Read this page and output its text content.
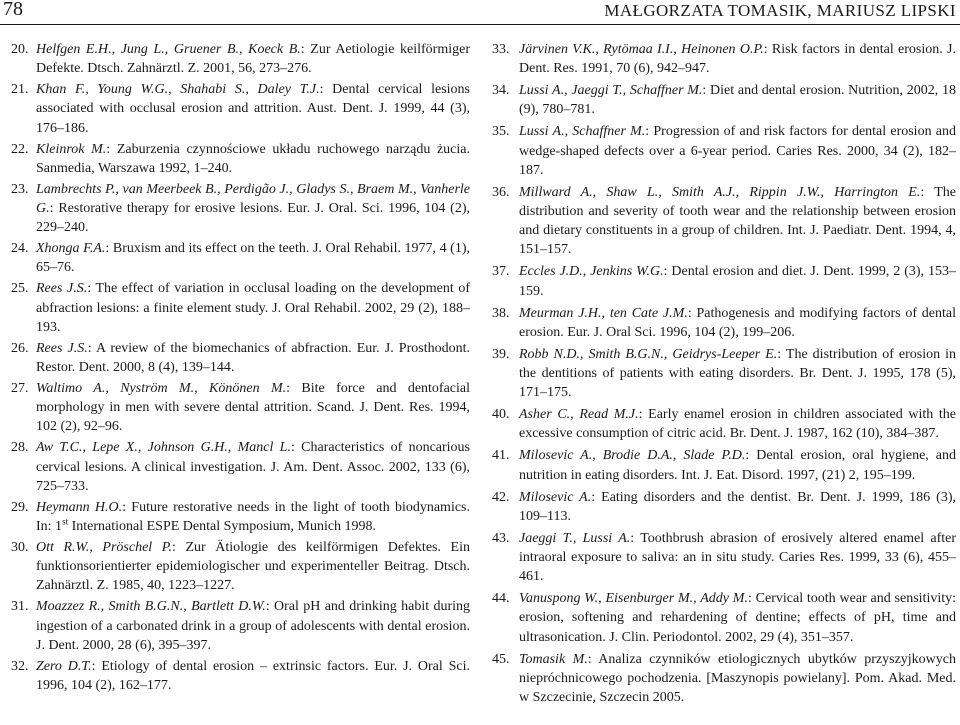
78	MAŁGORZATA TOMASIK, MARIUSZ LIPSKI

20. Helfgen E.H., Jung L., Gruener B., Koeck B.: Zur Aetiologie keilförmiger Defekte. Dtsch. Zahnärztl. Z. 2001, 56, 273–276.

21. Khan F., Young W.G., Shahabi S., Daley T.J.: Dental cervical lesions associated with occlusal erosion and attrition. Aust. Dent. J. 1999, 44 (3), 176–186.

22. Kleinrok M.: Zaburzenia czynnościowe układu ruchowego narządu żucia. Sanmedia, Warszawa 1992, 1–240.

23. Lambrechts P., van Meerbeek B., Perdigão J., Gladys S., Braem M., Vanherle G.: Restorative therapy for erosive lesions. Eur. J. Oral. Sci. 1996, 104 (2), 229–240.

24. Xhonga F.A.: Bruxism and its effect on the teeth. J. Oral Rehabil. 1977, 4 (1), 65–76.

25. Rees J.S.: The effect of variation in occlusal loading on the development of abfraction lesions: a finite element study. J. Oral Rehabil. 2002, 29 (2), 188–193.

26. Rees J.S.: A review of the biomechanics of abfraction. Eur. J. Prosthodont. Restor. Dent. 2000, 8 (4), 139–144.

27. Waltimo A., Nyström M., Könönen M.: Bite force and dentofacial morphology in men with severe dental attrition. Scand. J. Dent. Res. 1994, 102 (2), 92–96.

28. Aw T.C., Lepe X., Johnson G.H., Mancl L.: Characteristics of noncarious cervical lesions. A clinical investigation. J. Am. Dent. Assoc. 2002, 133 (6), 725–733.

29. Heymann H.O.: Future restorative needs in the light of tooth biodynamics. In: 1st International ESPE Dental Symposium, Munich 1998.

30. Ott R.W., Pröschel P.: Zur Ätiologie des keilförmigen Defektes. Ein funktionsorientierter epidemiologischer und experimenteller Beitrag. Dtsch. Zahnärztl. Z. 1985, 40, 1223–1227.

31. Moazzez R., Smith B.G.N., Bartlett D.W.: Oral pH and drinking habit during ingestion of a carbonated drink in a group of adolescents with dental erosion. J. Dent. 2000, 28 (6), 395–397.

32. Zero D.T.: Etiology of dental erosion – extrinsic factors. Eur. J. Oral Sci. 1996, 104 (2), 162–177.

33. Järvinen V.K., Rytömaa I.I., Heinonen O.P.: Risk factors in dental erosion. J. Dent. Res. 1991, 70 (6), 942–947.

34. Lussi A., Jaeggi T., Schaffner M.: Diet and dental erosion. Nutrition, 2002, 18 (9), 780–781.

35. Lussi A., Schaffner M.: Progression of and risk factors for dental erosion and wedge-shaped defects over a 6-year period. Caries Res. 2000, 34 (2), 182–187.

36. Millward A., Shaw L., Smith A.J., Rippin J.W., Harrington E.: The distribution and severity of tooth wear and the relationship between erosion and dietary constituents in a group of children. Int. J. Paediatr. Dent. 1994, 4, 151–157.

37. Eccles J.D., Jenkins W.G.: Dental erosion and diet. J. Dent. 1999, 2 (3), 153–159.

38. Meurman J.H., ten Cate J.M.: Pathogenesis and modifying factors of dental erosion. Eur. J. Oral Sci. 1996, 104 (2), 199–206.

39. Robb N.D., Smith B.G.N., Geidrys-Leeper E.: The distribution of erosion in the dentitions of patients with eating disorders. Br. Dent. J. 1995, 178 (5), 171–175.

40. Asher C., Read M.J.: Early enamel erosion in children associated with the excessive consumption of citric acid. Br. Dent. J. 1987, 162 (10), 384–387.

41. Milosevic A., Brodie D.A., Slade P.D.: Dental erosion, oral hygiene, and nutrition in eating disorders. Int. J. Eat. Disord. 1997, (21) 2, 195–199.

42. Milosevic A.: Eating disorders and the dentist. Br. Dent. J. 1999, 186 (3), 109–113.

43. Jaeggi T., Lussi A.: Toothbrush abrasion of erosively altered enamel after intraoral exposure to saliva: an in situ study. Caries Res. 1999, 33 (6), 455–461.

44. Vanuspong W., Eisenburger M., Addy M.: Cervical tooth wear and sensitivity: erosion, softening and rehardening of dentine; effects of pH, time and ultrasonication. J. Clin. Periodontol. 2002, 29 (4), 351–357.

45. Tomasik M.: Analiza czynników etiologicznych ubytków przyszyjkowych niepróchnicowego pochodzenia. [Maszynopis powielany]. Pom. Akad. Med. w Szczecinie, Szczecin 2005.
